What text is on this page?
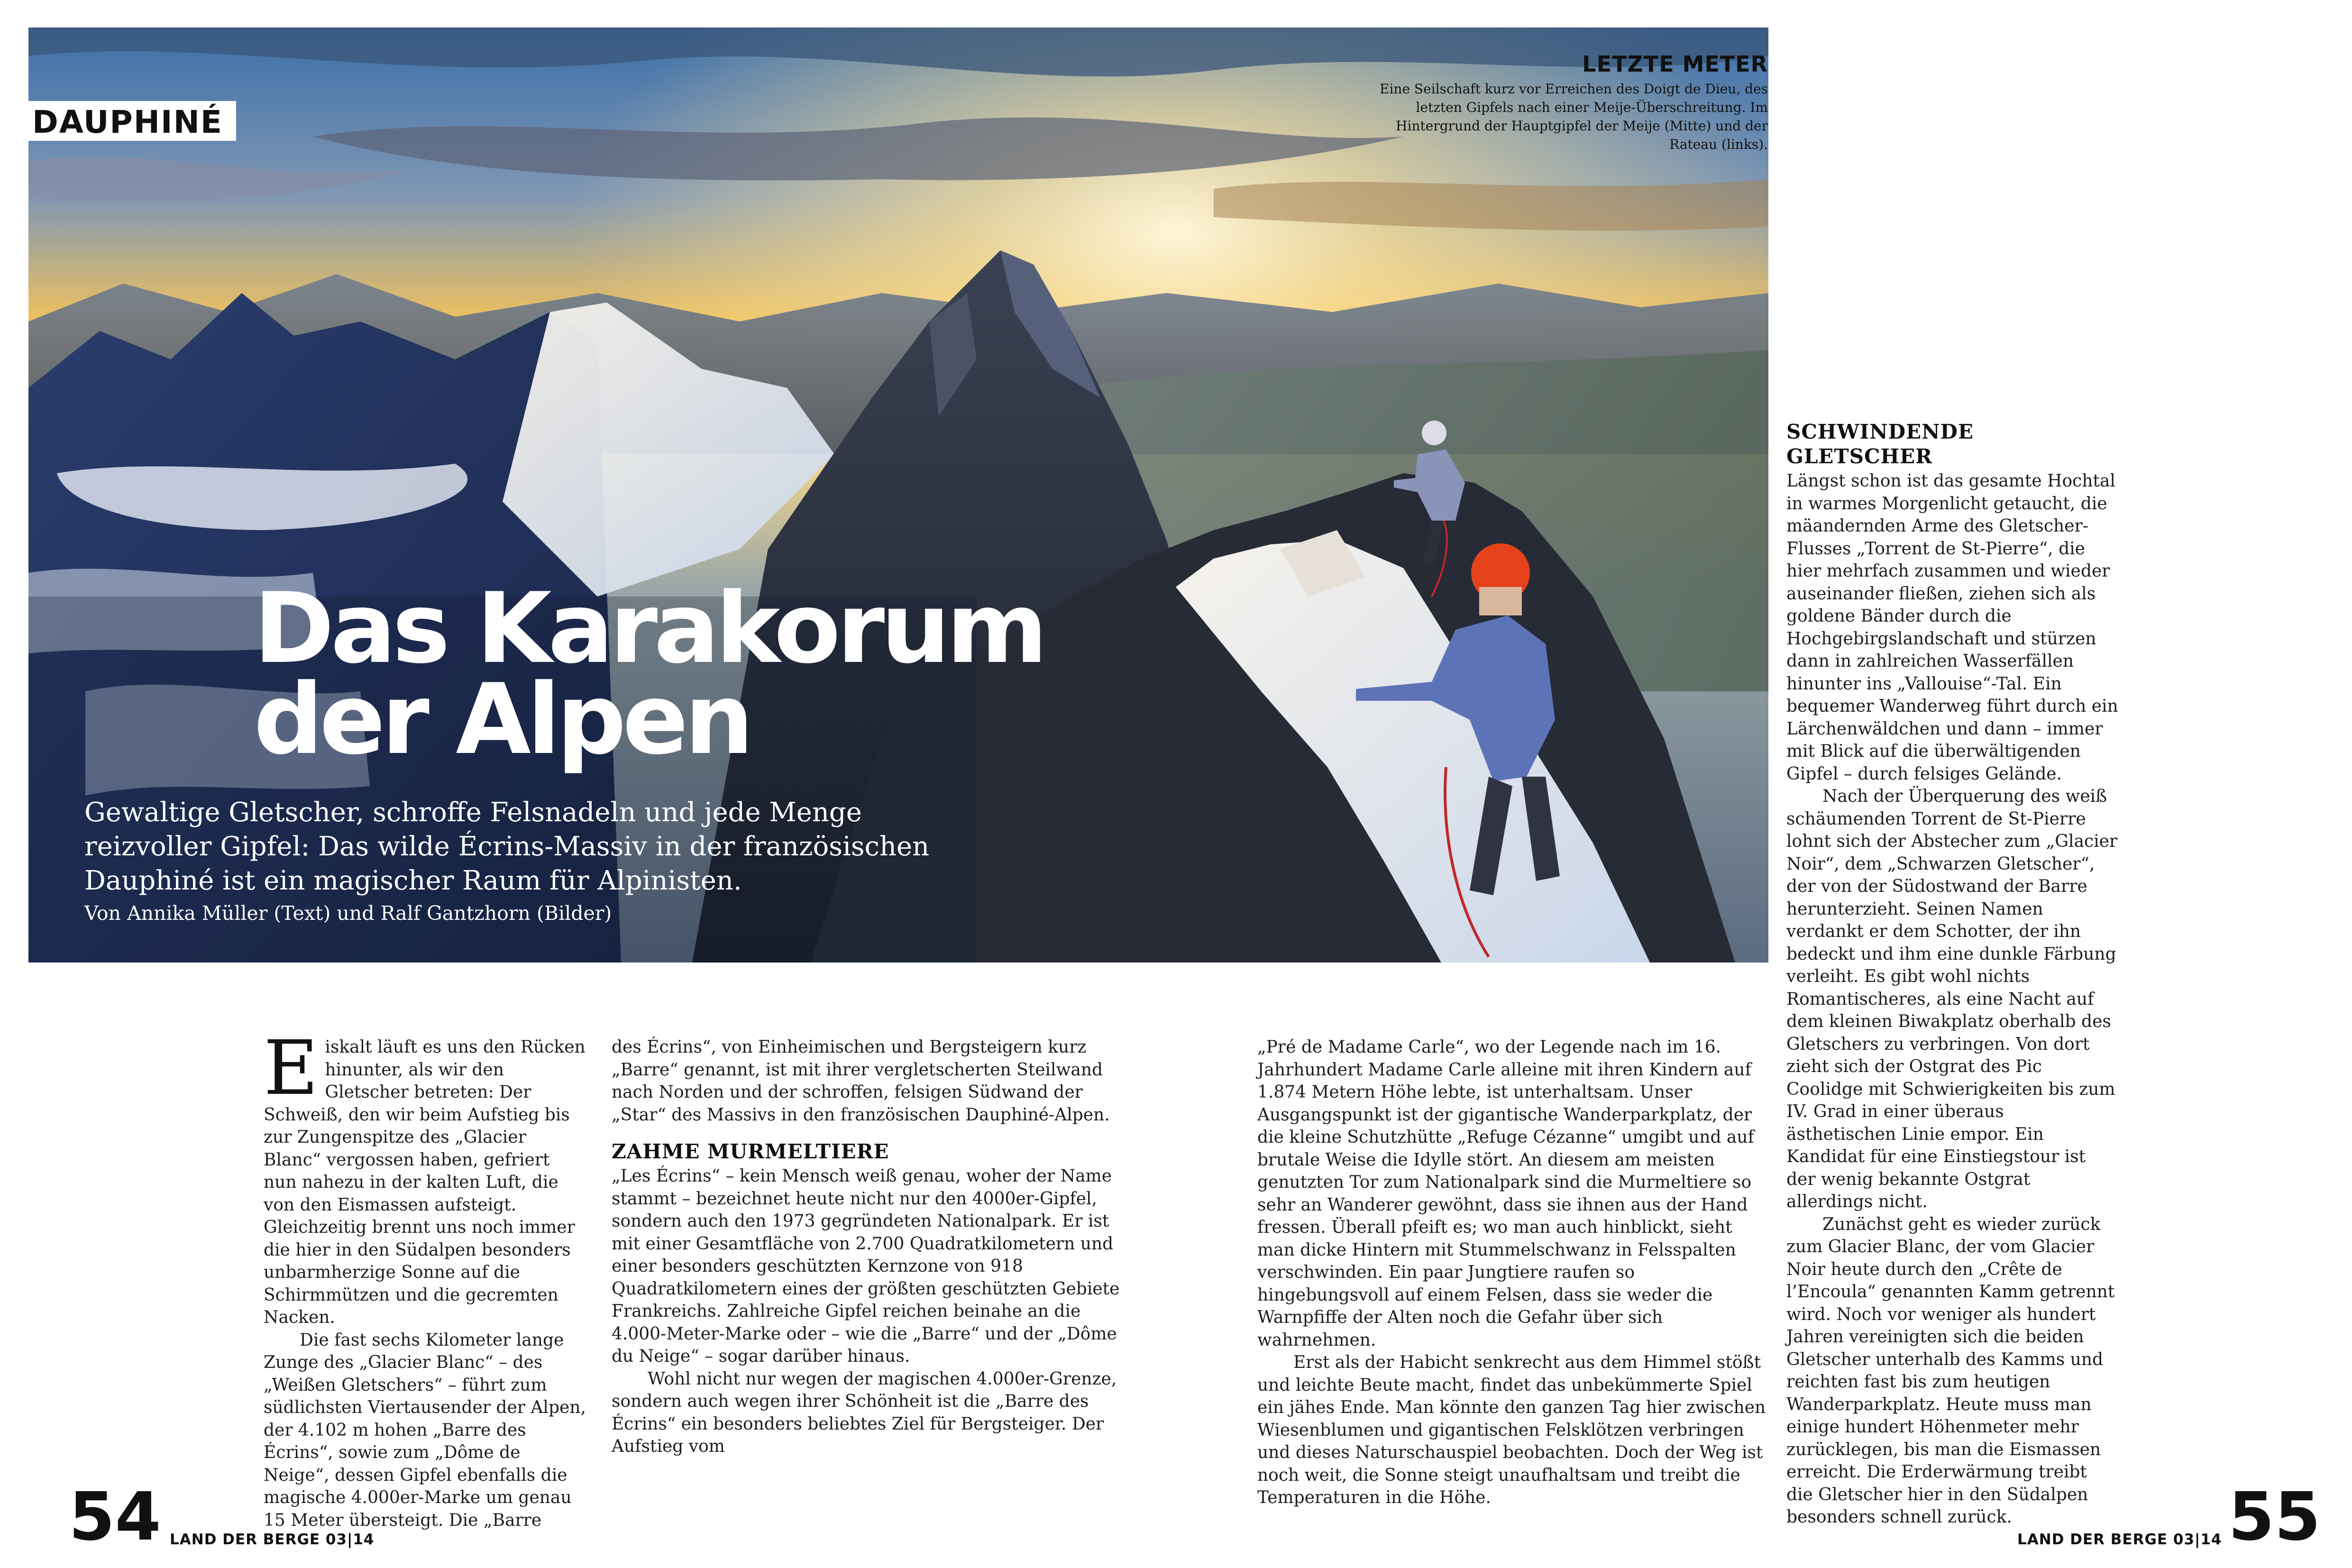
DAUPHINÉ
LETZTE METER

Eine Seilschaft kurz vor Erreichen des Doigt de Dieu, des letzten Gipfels nach einer Meije-Überschreitung. Im Hintergrund der Hauptgipfel der Meije (Mitte) und der Rateau (links).

Das Karakorum
der Alpen

Gewaltige Gletscher, schroffe Felsnadeln und jede Menge reizvoller Gipfel: Das wilde Écrins-Massiv in der französischen Dauphiné ist ein magischer Raum für Alpinisten.

Von Annika Müller (Text) und Ralf Gantzhorn (Bilder)

Eiskalt läuft es uns den Rücken hinunter, als wir den Gletscher betreten: Der Schweiß, den wir beim Aufstieg bis zur Zungenspitze des „Glacier Blanc“ vergossen haben, gefriert nun nahezu in der kalten Luft, die von den Eismassen aufsteigt. Gleichzeitig brennt uns noch immer die hier in den Südalpen besonders unbarmherzige Sonne auf die Schirmmützen und die gecremten Nacken.

Die fast sechs Kilometer lange Zunge des „Glacier Blanc“ – des „Weißen Gletschers“ – führt zum südlichsten Viertausender der Alpen, der 4.102 m hohen „Barre des Écrins“, sowie zum „Dôme de Neige“, dessen Gipfel ebenfalls die magische 4.000er-Marke um genau 15 Meter übersteigt. Die „Barre

des Écrins“, von Einheimischen und Bergsteigern kurz „Barre“ genannt, ist mit ihrer vergletscherten Steilwand nach Norden und der schroffen, felsigen Südwand der „Star“ des Massivs in den französischen Dauphiné-Alpen.

ZAHME MURMELTIERE

„Les Écrins“ – kein Mensch weiß genau, woher der Name stammt – bezeichnet heute nicht nur den 4000er-Gipfel, sondern auch den 1973 gegründeten Nationalpark. Er ist mit einer Gesamtfläche von 2.700 Quadratkilometern und einer besonders geschützten Kernzone von 918 Quadratkilometern eines der größten geschützten Gebiete Frankreichs. Zahlreiche Gipfel reichen beinahe an die 4.000-Meter-Marke oder – wie die „Barre“ und der „Dôme du Neige“ – sogar darüber hinaus.

Wohl nicht nur wegen der magischen 4.000er-Grenze, sondern auch wegen ihrer Schönheit ist die „Barre des Écrins“ ein besonders beliebtes Ziel für Bergsteiger. Der Aufstieg vom

„Pré de Madame Carle“, wo der Legende nach im 16. Jahrhundert Madame Carle alleine mit ihren Kindern auf 1.874 Metern Höhe lebte, ist unterhaltsam. Unser Ausgangspunkt ist der gigantische Wanderparkplatz, der die kleine Schutzhütte „Refuge Cézanne“ umgibt und auf brutale Weise die Idylle stört. An diesem am meisten genutzten Tor zum Nationalpark sind die Murmeltiere so sehr an Wanderer gewöhnt, dass sie ihnen aus der Hand fressen. Überall pfeift es; wo man auch hinblickt, sieht man dicke Hintern mit Stummelschwanz in Felsspalten verschwinden. Ein paar Jungtiere raufen so hingebungsvoll auf einem Felsen, dass sie weder die Warnpfiffe der Alten noch die Gefahr über sich wahrnehmen.

Erst als der Habicht senkrecht aus dem Himmel stößt und leichte Beute macht, findet das unbekümmerte Spiel ein jähes Ende. Man könnte den ganzen Tag hier zwischen Wiesenblumen und gigantischen Felsklötzen verbringen und dieses Naturschauspiel beobachten. Doch der Weg ist noch weit, die Sonne steigt unaufhaltsam und treibt die Temperaturen in die Höhe.

SCHWINDENDE GLETSCHER

Längst schon ist das gesamte Hochtal in warmes Morgenlicht getaucht, die mäandernden Arme des Gletscher-Flusses „Torrent de St-Pierre“, die hier mehrfach zusammen und wieder auseinander fließen, ziehen sich als goldene Bänder durch die Hochgebirgslandschaft und stürzen dann in zahlreichen Wasserfällen hinunter ins „Vallouise“-Tal. Ein bequemer Wanderweg führt durch ein Lärchenwäldchen und dann – immer mit Blick auf die überwältigenden Gipfel – durch felsiges Gelände.

Nach der Überquerung des weiß schäumenden Torrent de St-Pierre lohnt sich der Abstecher zum „Glacier Noir“, dem „Schwarzen Gletscher“, der von der Südostwand der Barre herunterzieht. Seinen Namen verdankt er dem Schotter, der ihn bedeckt und ihm eine dunkle Färbung verleiht. Es gibt wohl nichts Romantischeres, als eine Nacht auf dem kleinen Biwakplatz oberhalb des Gletschers zu verbringen. Von dort zieht sich der Ostgrat des Pic Coolidge mit Schwierigkeiten bis zum IV. Grad in einer überaus ästhetischen Linie empor. Ein Kandidat für eine Einstiegstour ist der wenig bekannte Ostgrat allerdings nicht.

Zunächst geht es wieder zurück zum Glacier Blanc, der vom Glacier Noir heute durch den „Crête de l’Encoula“ genannten Kamm getrennt wird. Noch vor weniger als hundert Jahren vereinigten sich die beiden Gletscher unterhalb des Kamms und reichten fast bis zum heutigen Wanderparkplatz. Heute muss man einige hundert Höhenmeter mehr zurücklegen, bis man die Eismassen erreicht. Die Erderwärmung treibt die Gletscher hier in den Südalpen besonders schnell zurück.

54 LAND DER BERGE 03|14	LAND DER BERGE 03|14 55
